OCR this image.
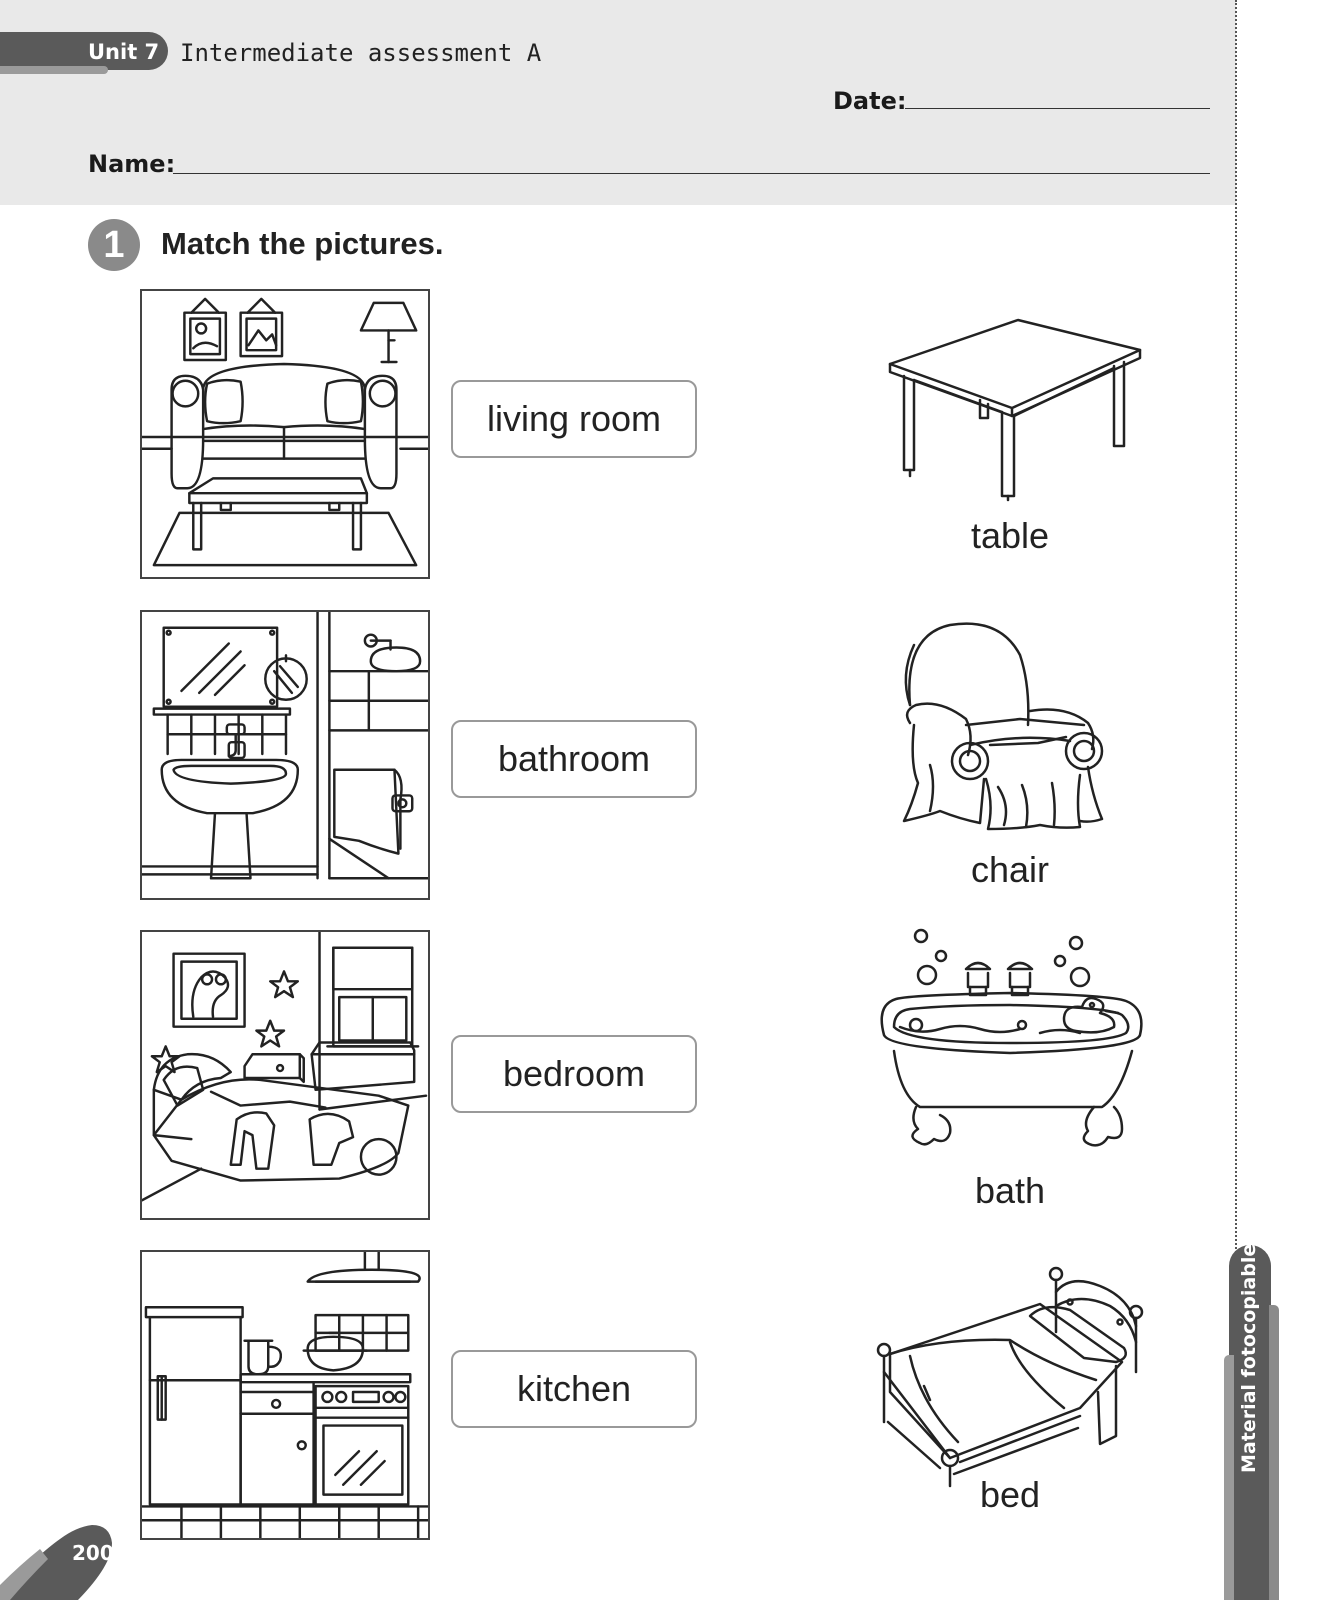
Unit 7 Intermediate assessment A
Date:
Name:
1	Match the pictures.
living room
bathroom
bedroom
kitchen
table
chair
bath
bed
Material fotocopiable
200
